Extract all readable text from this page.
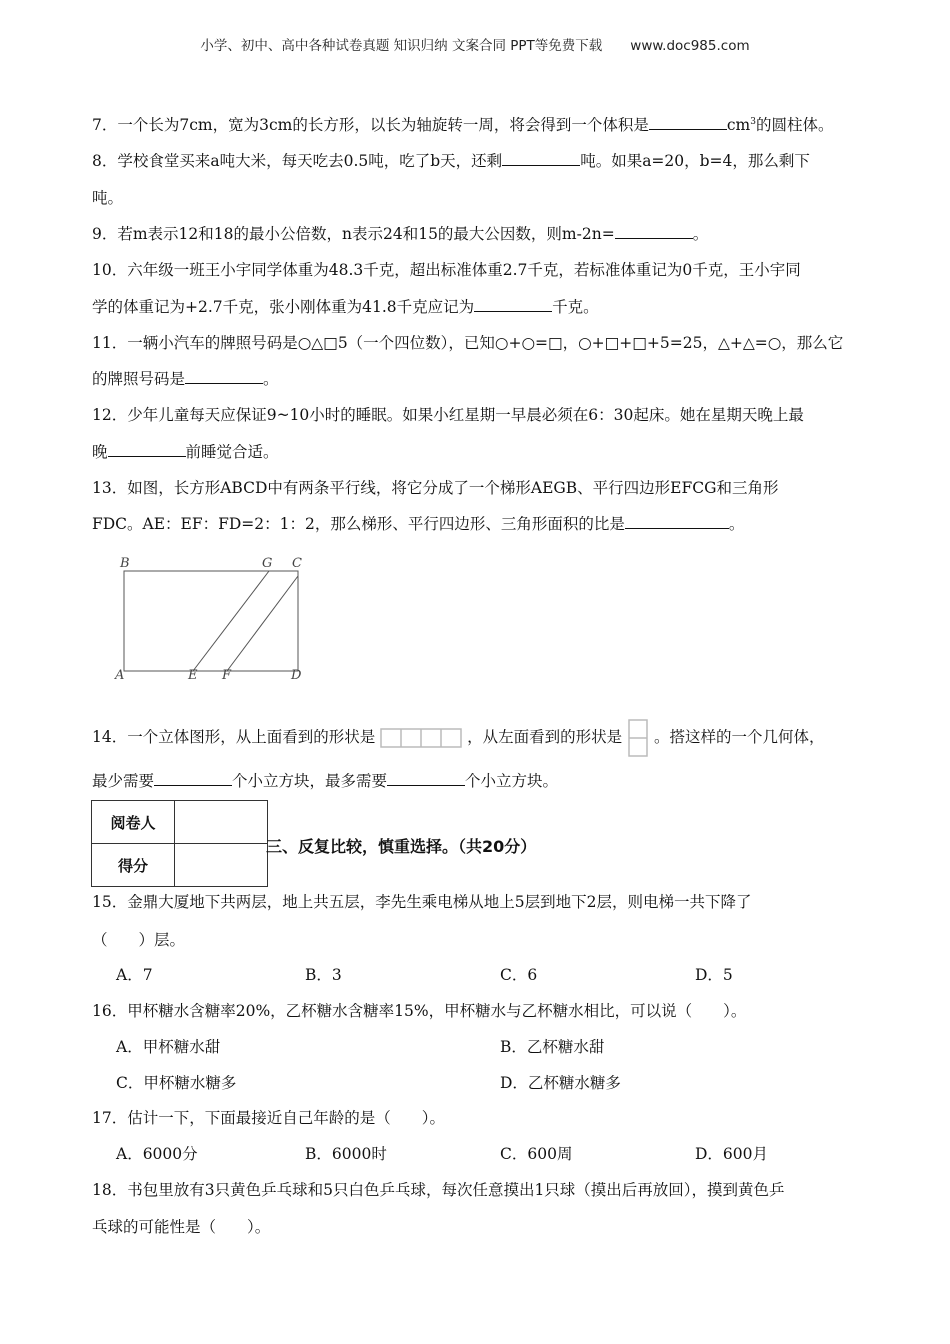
小学、初中、高中各种试卷真题 知识归纳 文案合同 PPT等免费下载 www.doc985.com
7．一个长为7cm，宽为3cm的长方形，以长为轴旋转一周，将会得到一个体积是	$cm^3$的圆柱体。
8．学校食堂买来a吨大米，每天吃去0.5吨，吃了b天，还剩	吨。如果a=20，b=4，那么剩下
吨。
9．若m表示12和18的最小公倍数，n表示24和15的最大公因数，则m-2n=	。
10．六年级一班王小宇同学体重为48.3千克，超出标准体重2.7千克，若标准体重记为0千克，王小宇同
学的体重记为+2.7千克，张小刚体重为41.8千克应记为	千克。
11．一辆小汽车的牌照号码是○△□5（一个四位数），已知○+○=□，○+□+□+5=25，△+△=○，那么它
的牌照号码是	。
12．少年儿童每天应保证9~10小时的睡眠。如果小红星期一早晨必须在6：30起床。她在星期天晚上最
晚	前睡觉合适。
13．如图，长方形ABCD中有两条平行线，将它分成了一个梯形AEGB、平行四边形EFCG和三角形
FDC。AE：EF：FD=2：1：2，那么梯形、平行四边形、三角形面积的比是	。
B	G C
A	E F	D
14．一个立体图形，从上面看到的形状是	，从左面看到的形状是 。搭这样的一个几何体，
最少需要	个小立方块，最多需要	个小立方块。
阅卷人	
得分	
三、反复比较，慎重选择。（共20分）
15．金鼎大厦地下共两层，地上共五层，李先生乘电梯从地上5层到地下2层，则电梯一共下降了
（　　）层。
A．7	B．3	C．6	D．5
16．甲杯糖水含糖率20%，乙杯糖水含糖率15%，甲杯糖水与乙杯糖水相比，可以说（　　）。
A．甲杯糖水甜	B．乙杯糖水甜
C．甲杯糖水糖多	D．乙杯糖水糖多
17．估计一下，下面最接近自己年龄的是（　　）。
A．6000分	B．6000时	C．600周	D．600月
18．书包里放有3只黄色乒乓球和5只白色乒乓球，每次任意摸出1只球（摸出后再放回），摸到黄色乒
乓球的可能性是（　　）。
